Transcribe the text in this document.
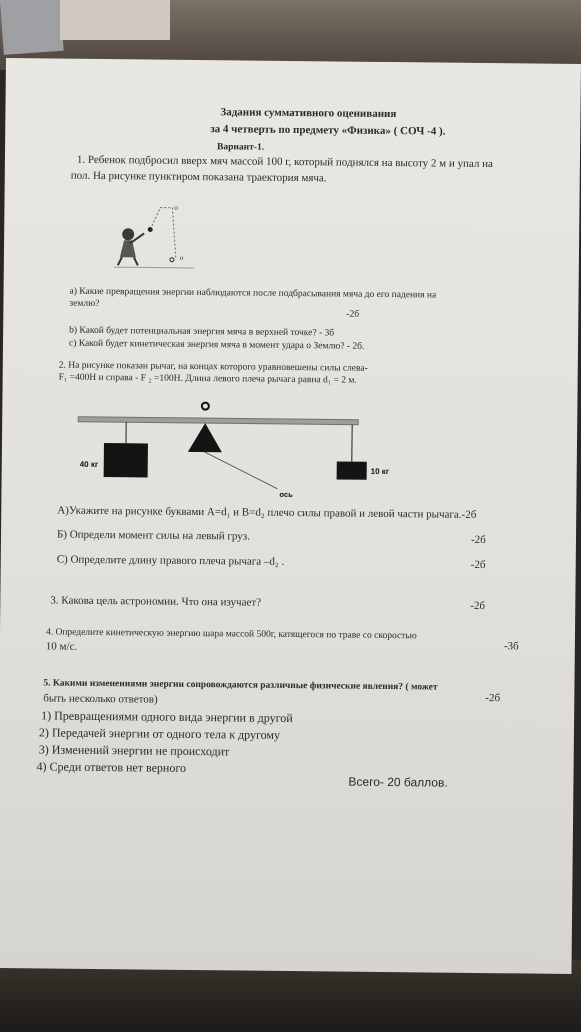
Задания суммативного оценивания
за 4 четверть по предмету «Физика» ( СОЧ -4 ).
Вариант-1.
1. Ребенок подбросил вверх мяч массой 100 г, который поднялся на высоту 2 м и упал на
пол. На рисунке пунктиром показана траектория мяча.
о
о
а) Какие превращения энергии наблюдаются после подбрасывания мяча до его падения на
землю?
-2б
b) Какой будет потенциальная энергия мяча в верхней точке? - 3б
c) Какой будет кинетическая энергия мяча в момент удара о Землю? - 2б.
2. На рисунке показан рычаг, на концах которого уравновешены силы слева-
F₁ =400Н и справа - F ₂ =100Н. Длина левого плеча рычага равна d₁ = 2 м.
40 кг
10 кг
ось
А)Укажите на рисунке буквами A=d₁ и B=d₂ плечо силы правой и левой части рычага.-2б
Б) Определи момент силы на левый груз.	-2б
С) Определите длину правого плеча рычага –d₂ .	-2б
3. Какова цель астрономии. Что она изучает?	-2б
4. Определите кинетическую энергию шара массой 500г, катящегося по траве со скоростью
10 м/с.	-3б
5. Какими изменениями энергии сопровождаются различные физические явления? ( может
быть несколько ответов)	-2б
1) Превращениями одного вида энергии в другой
2) Передачей энергии от одного тела к другому
3) Изменений энергии не происходит
4) Среди ответов нет верного
Всего- 20 баллов.
